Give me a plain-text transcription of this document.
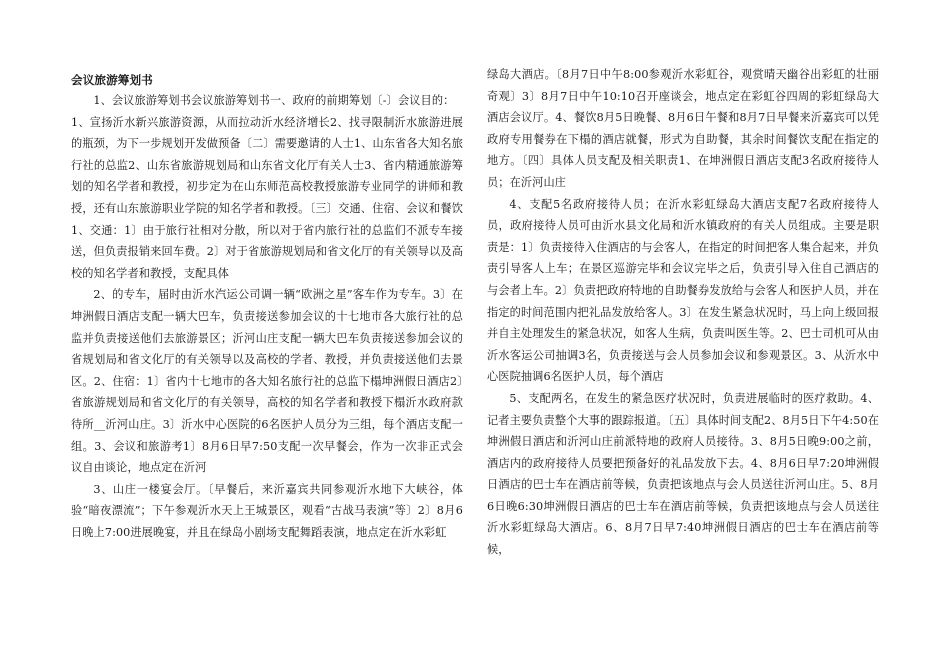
会议旅游筹划书

1、会议旅游筹划书会议旅游筹划书一、政府的前期筹划〔-〕会议目的：

1、宣扬沂水新兴旅游资源，从而拉动沂水经济增长2、找寻限制沂水旅游进展的瓶颈，为下一步规划开发做预备〔二〕需要邀请的人士1、山东省各大知名旅行社的总监2、山东省旅游规划局和山东省文化厅有关人士3、省内精通旅游筹划的知名学者和教授，初步定为在山东师范高校教授旅游专业同学的讲师和教授，还有山东旅游职业学院的知名学者和教授。〔三〕交通、住宿、会议和餐饮1、交通：1〕由于旅行社相对分散，所以对于省内旅行社的总监们不派专车接送，但负责报销来回车费。2〕对于省旅游规划局和省文化厅的有关领导以及高校的知名学者和教授，支配具体

2、的专车，届时由沂水汽运公司调一辆“欧洲之星”客车作为专车。3〕在坤洲假日酒店支配一辆大巴车，负责接送参加会议的十七地市各大旅行社的总监并负责接送他们去旅游景区；沂河山庄支配一辆大巴车负责接送参加会议的省规划局和省文化厅的有关领导以及高校的学者、教授，并负责接送他们去景区。2、住宿：1〕省内十七地市的各大知名旅行社的总监下榻坤洲假日酒店2〕省旅游规划局和省文化厅的有关领导，高校的知名学者和教授下榻沂水政府款待所__沂河山庄。3〕沂水中心医院的6名医护人员分为三组，每个酒店支配一组。3、会议和旅游考1〕8月6日早7:50支配一次早餐会，作为一次非正式会议自由谈论，地点定在沂河

3、山庄一楼宴会厅。〔早餐后，来沂嘉宾共同参观沂水地下大峡谷，体验“暗夜漂流”；下午参观沂水天上王城景区，观看“古战马表演”等〕2〕8月6日晚上7:00进展晚宴，并且在绿岛小剧场支配舞蹈表演，地点定在沂水彩虹

绿岛大酒店。〔8月7日中午8:00参观沂水彩虹谷，观赏晴天幽谷出彩虹的壮丽奇观〕3〕8月7日中午10:10召开座谈会，地点定在彩虹谷四周的彩虹绿岛大酒店会议厅。4、餐饮8月5日晚餐、8月6日午餐和8月7日早餐来沂嘉宾可以凭政府专用餐券在下榻的酒店就餐，形式为自助餐，其余时间餐饮支配在指定的地方。〔四〕具体人员支配及相关职责1、在坤洲假日酒店支配3名政府接待人员；在沂河山庄

4、支配5名政府接待人员；在沂水彩虹绿岛大酒店支配7名政府接待人员，政府接待人员可由沂水县文化局和沂水镇政府的有关人员组成。主要是职责是：1〕负责接待入住酒店的与会客人，在指定的时间把客人集合起来，并负责引导客人上车；在景区巡游完毕和会议完毕之后，负责引导入住自己酒店的与会者上车。2〕负责把政府特地的自助餐券发放给与会客人和医护人员，并在指定的时间范围内把礼品发放给客人。3〕在发生紧急状况时，马上向上级回报并自主处理发生的紧急状况，如客人生病，负责叫医生等。2、巴士司机可从由沂水客运公司抽调3名，负责接送与会人员参加会议和参观景区。3、从沂水中心医院抽调6名医护人员，每个酒店

5、支配两名，在发生的紧急医疗状况时，负责进展临时的医疗救助。4、记者主要负责整个大事的跟踪报道。〔五〕具体时间支配2、8月5日下午4:50在坤洲假日酒店和沂河山庄前派特地的政府人员接待。3、8月5日晚9:00之前，酒店内的政府接待人员要把预备好的礼品发放下去。4、8月6日早7:20坤洲假日酒店的巴士车在酒店前等候，负责把该地点与会人员送往沂河山庄。5、8月6日晚6:30坤洲假日酒店的巴士车在酒店前等候，负责把该地点与会人员送往沂水彩虹绿岛大酒店。6、8月7日早7:40坤洲假日酒店的巴士车在酒店前等候，
